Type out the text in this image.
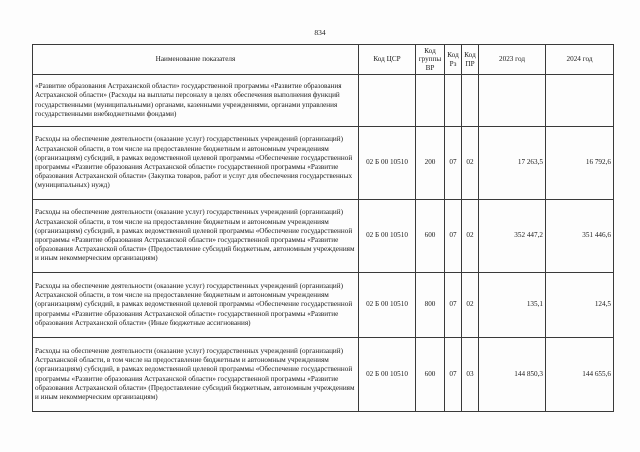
834
Наименование показателя	Код ЦСР	Код группы ВР	Код Рз	Код ПР	2023 год	2024 год
«Развитие образования Астраханской области» государственной программы «Развитие образования Астраханской области» (Расходы на выплаты персоналу в целях обеспечения выполнения функций государственными (муниципальными) органами, казенными учреждениями, органами управления государственными внебюджетными фондами)						
Расходы на обеспечение деятельности (оказание услуг) государственных учреждений (организаций) Астраханской области, в том числе на предоставление бюджетным и автономным учреждениям (организациям) субсидий, в рамках ведомственной целевой программы «Обеспечение государственной программы «Развитие образования Астраханской области» государственной программы «Развитие образования Астраханской области» (Закупка товаров, работ и услуг для обеспечения государственных (муниципальных) нужд)	02 Б 00 10510	200	07	02	17 263,5	16 792,6
Расходы на обеспечение деятельности (оказание услуг) государственных учреждений (организаций) Астраханской области, в том числе на предоставление бюджетным и автономным учреждениям (организациям) субсидий, в рамках ведомственной целевой программы «Обеспечение государственной программы «Развитие образования Астраханской области» государственной программы «Развитие образования Астраханской области» (Предоставление субсидий бюджетным, автономным учреждениям и иным некоммерческим организациям)	02 Б 00 10510	600	07	02	352 447,2	351 446,6
Расходы на обеспечение деятельности (оказание услуг) государственных учреждений (организаций) Астраханской области, в том числе на предоставление бюджетным и автономным учреждениям (организациям) субсидий, в рамках ведомственной целевой программы «Обеспечение государственной программы «Развитие образования Астраханской области» государственной программы «Развитие образования Астраханской области» (Иные бюджетные ассигнования)	02 Б 00 10510	800	07	02	135,1	124,5
Расходы на обеспечение деятельности (оказание услуг) государственных учреждений (организаций) Астраханской области, в том числе на предоставление бюджетным и автономным учреждениям (организациям) субсидий, в рамках ведомственной целевой программы «Обеспечение государственной программы «Развитие образования Астраханской области» государственной программы «Развитие образования Астраханской области» (Предоставление субсидий бюджетным, автономным учреждениям и иным некоммерческим организациям)	02 Б 00 10510	600	07	03	144 850,3	144 655,6
